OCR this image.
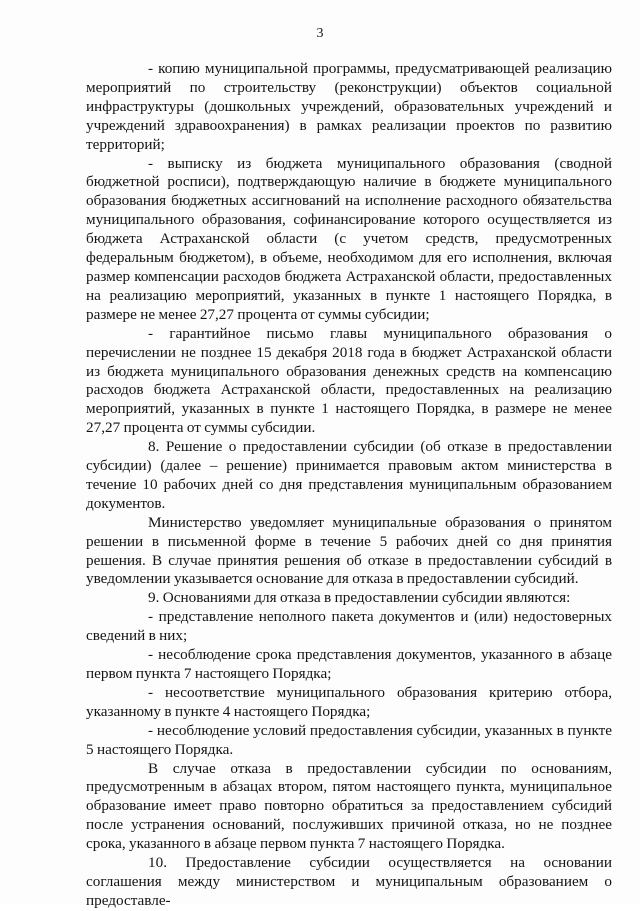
3

- копию муниципальной программы, предусматривающей реализацию мероприятий по строительству (реконструкции) объектов социальной инфраструктуры (дошкольных учреждений, образовательных учреждений и учреждений здравоохранения) в рамках реализации проектов по развитию территорий;

- выписку из бюджета муниципального образования (сводной бюджетной росписи), подтверждающую наличие в бюджете муниципального образования бюджетных ассигнований на исполнение расходного обязательства муниципального образования, софинансирование которого осуществляется из бюджета Астраханской области (с учетом средств, предусмотренных федеральным бюджетом), в объеме, необходимом для его исполнения, включая размер компенсации расходов бюджета Астраханской области, предоставленных на реализацию мероприятий, указанных в пункте 1 настоящего Порядка, в размере не менее 27,27 процента от суммы субсидии;

- гарантийное письмо главы муниципального образования о перечислении не позднее 15 декабря 2018 года в бюджет Астраханской области из бюджета муниципального образования денежных средств на компенсацию расходов бюджета Астраханской области, предоставленных на реализацию мероприятий, указанных в пункте 1 настоящего Порядка, в размере не менее 27,27 процента от суммы субсидии.

8. Решение о предоставлении субсидии (об отказе в предоставлении субсидии) (далее – решение) принимается правовым актом министерства в течение 10 рабочих дней со дня представления муниципальным образованием документов.

Министерство уведомляет муниципальные образования о принятом решении в письменной форме в течение 5 рабочих дней со дня принятия решения. В случае принятия решения об отказе в предоставлении субсидий в уведомлении указывается основание для отказа в предоставлении субсидий.

9. Основаниями для отказа в предоставлении субсидии являются:

- представление неполного пакета документов и (или) недостоверных сведений в них;

- несоблюдение срока представления документов, указанного в абзаце первом пункта 7 настоящего Порядка;

- несоответствие муниципального образования критерию отбора, указанному в пункте 4 настоящего Порядка;

- несоблюдение условий предоставления субсидии, указанных в пункте 5 настоящего Порядка.

В случае отказа в предоставлении субсидии по основаниям, предусмотренным в абзацах втором, пятом настоящего пункта, муниципальное образование имеет право повторно обратиться за предоставлением субсидий после устранения оснований, послуживших причиной отказа, но не позднее срока, указанного в абзаце первом пункта 7 настоящего Порядка.

10. Предоставление субсидии осуществляется на основании соглашения между министерством и муниципальным образованием о предоставле-
